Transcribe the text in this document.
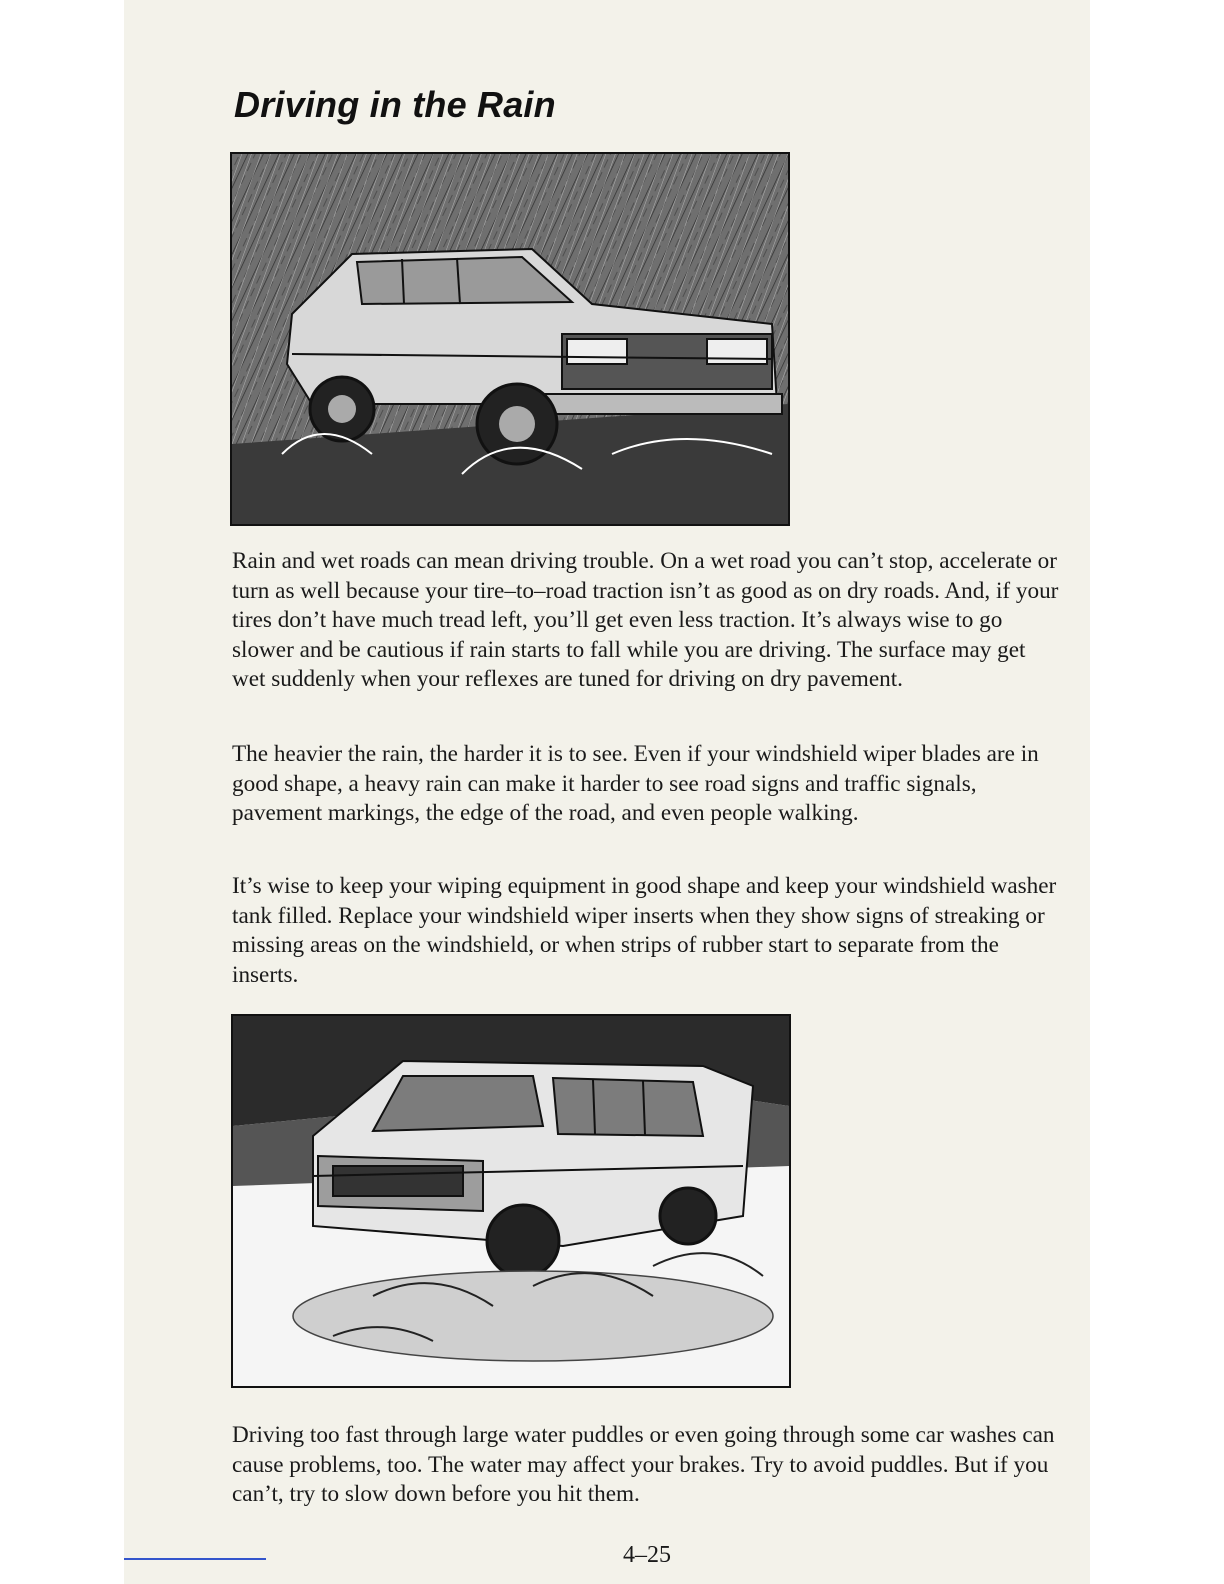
Driving in the Rain

Rain and wet roads can mean driving trouble. On a wet road you can’t stop, accelerate or turn as well because your tire–to–road traction isn’t as good as on dry roads. And, if your tires don’t have much tread left, you’ll get even less traction. It’s always wise to go slower and be cautious if rain starts to fall while you are driving. The surface may get wet suddenly when your reflexes are tuned for driving on dry pavement.

The heavier the rain, the harder it is to see. Even if your windshield wiper blades are in good shape, a heavy rain can make it harder to see road signs and traffic signals, pavement markings, the edge of the road, and even people walking.

It’s wise to keep your wiping equipment in good shape and keep your windshield washer tank filled. Replace your windshield wiper inserts when they show signs of streaking or missing areas on the windshield, or when strips of rubber start to separate from the inserts.

Driving too fast through large water puddles or even going through some car washes can cause problems, too. The water may affect your brakes. Try to avoid puddles. But if you can’t, try to slow down before you hit them.

4–25
